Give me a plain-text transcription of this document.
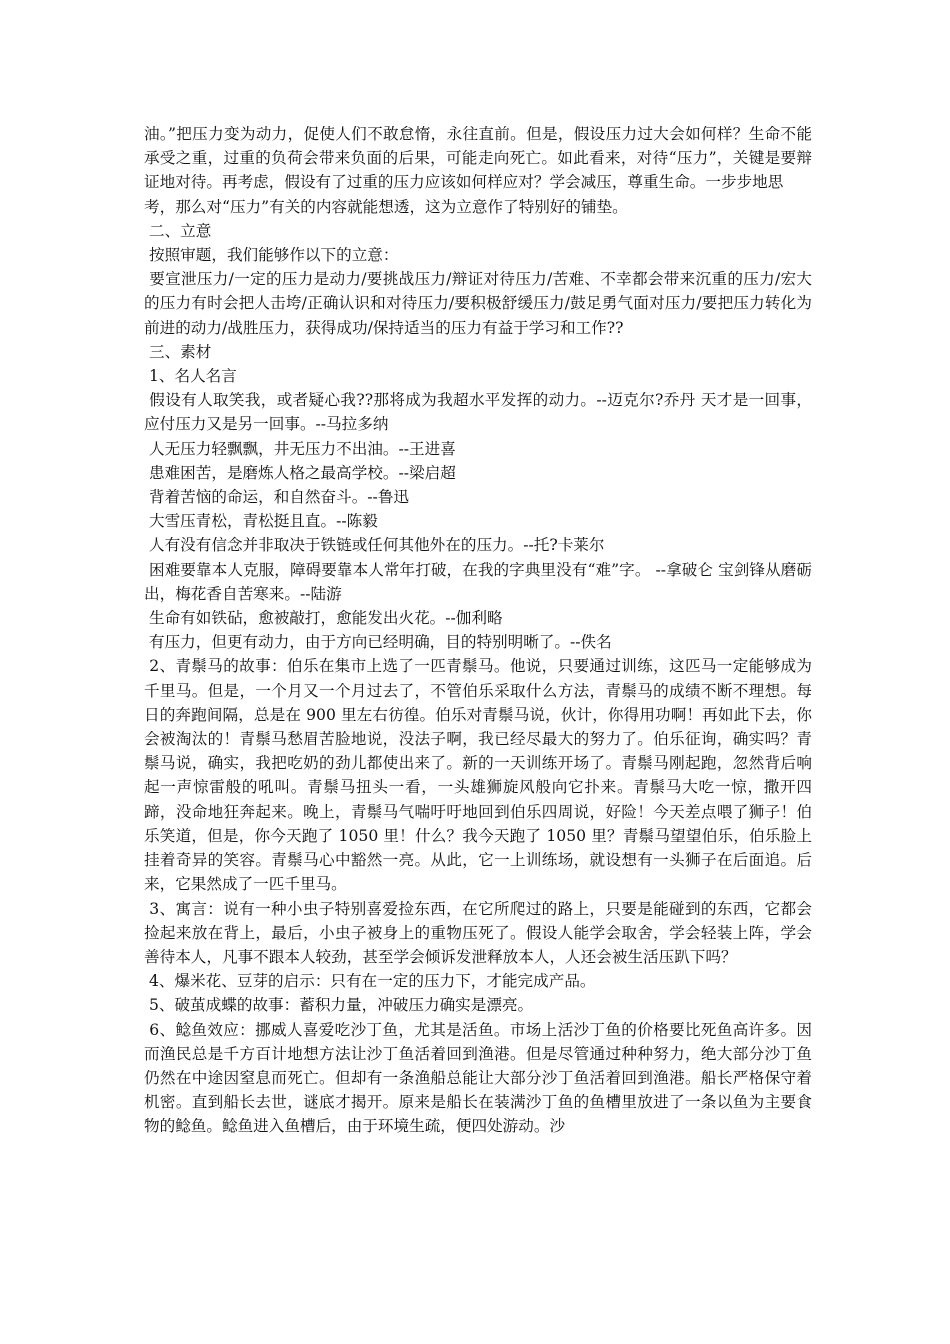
油。”把压力变为动力，促使人们不敢怠惰，永往直前。但是，假设压力过大会如何样？生命不能承受之重，过重的负荷会带来负面的后果，可能走向死亡。如此看来，对待“压力”，关键是要辩证地对待。再考虑，假设有了过重的压力应该如何样应对？学会减压，尊重生命。一步步地思

考，那么对“压力”有关的内容就能想透，这为立意作了特别好的铺垫。

二、立意

按照审题，我们能够作以下的立意：

要宣泄压力/一定的压力是动力/要挑战压力/辩证对待压力/苦难、不幸都会带来沉重的压力/宏大的压力有时会把人击垮/正确认识和对待压力/要积极舒缓压力/鼓足勇气面对压力/要把压力转化为前进的动力/战胜压力，获得成功/保持适当的压力有益于学习和工作??

三、素材

1、名人名言

假设有人取笑我，或者疑心我??那将成为我超水平发挥的动力。--迈克尔?乔丹 天才是一回事，应付压力又是另一回事。--马拉多纳

人无压力轻飘飘，井无压力不出油。--王进喜

患难困苦，是磨炼人格之最高学校。--梁启超

背着苦恼的命运，和自然奋斗。--鲁迅

大雪压青松，青松挺且直。--陈毅

人有没有信念并非取决于铁链或任何其他外在的压力。--托?卡莱尔

困难要靠本人克服，障碍要靠本人常年打破，在我的字典里没有“难”字。 --拿破仑 宝剑锋从磨砺出，梅花香自苦寒来。--陆游

生命有如铁砧，愈被敲打，愈能发出火花。--伽利略

有压力，但更有动力，由于方向已经明确，目的特别明晰了。--佚名

2、青鬃马的故事：伯乐在集市上选了一匹青鬃马。他说，只要通过训练，这匹马一定能够成为千里马。但是，一个月又一个月过去了，不管伯乐采取什么方法，青鬃马的成绩不断不理想。每日的奔跑间隔，总是在 900 里左右彷徨。伯乐对青鬃马说，伙计，你得用功啊！再如此下去，你会被淘汰的！青鬃马愁眉苦脸地说，没法子啊，我已经尽最大的努力了。伯乐征询，确实吗？青鬃马说，确实，我把吃奶的劲儿都使出来了。新的一天训练开场了。青鬃马刚起跑，忽然背后响起一声惊雷般的吼叫。青鬃马扭头一看，一头雄狮旋风般向它扑来。青鬃马大吃一惊，撒开四蹄，没命地狂奔起来。晚上，青鬃马气喘吁吁地回到伯乐四周说，好险！今天差点喂了狮子！伯乐笑道，但是，你今天跑了 1050 里！什么？我今天跑了 1050 里？青鬃马望望伯乐，伯乐脸上挂着奇异的笑容。青鬃马心中豁然一亮。从此，它一上训练场，就设想有一头狮子在后面追。后来，它果然成了一匹千里马。

3、寓言：说有一种小虫子特别喜爱捡东西，在它所爬过的路上，只要是能碰到的东西，它都会捡起来放在背上，最后，小虫子被身上的重物压死了。假设人能学会取舍，学会轻装上阵，学会善待本人，凡事不跟本人较劲，甚至学会倾诉发泄释放本人，人还会被生活压趴下吗？

4、爆米花、豆芽的启示：只有在一定的压力下，才能完成产品。

5、破茧成蝶的故事：蓄积力量，冲破压力确实是漂亮。

6、鲶鱼效应：挪威人喜爱吃沙丁鱼，尤其是活鱼。市场上活沙丁鱼的价格要比死鱼高许多。因而渔民总是千方百计地想方法让沙丁鱼活着回到渔港。但是尽管通过种种努力，绝大部分沙丁鱼仍然在中途因窒息而死亡。但却有一条渔船总能让大部分沙丁鱼活着回到渔港。船长严格保守着机密。直到船长去世，谜底才揭开。原来是船长在装满沙丁鱼的鱼槽里放进了一条以鱼为主要食物的鲶鱼。鲶鱼进入鱼槽后，由于环境生疏，便四处游动。沙
